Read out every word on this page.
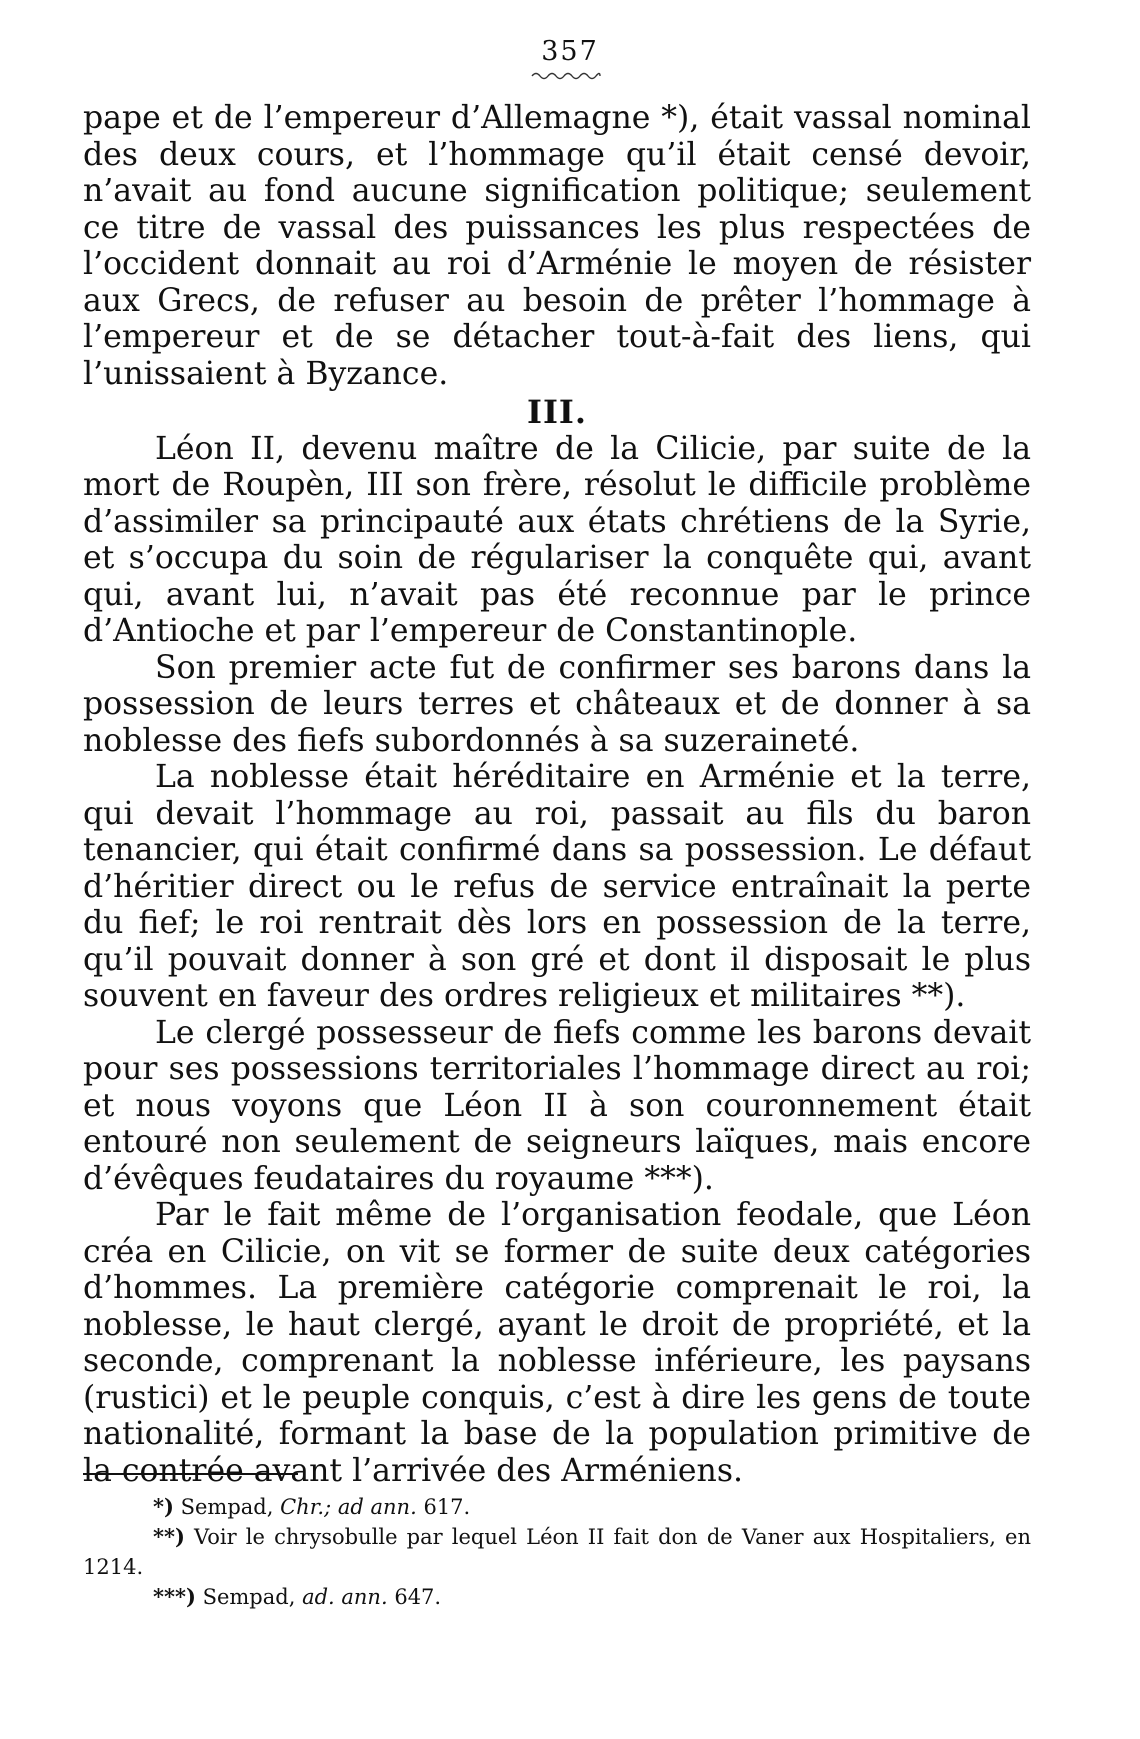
357

pape et de l’empereur d’Allemagne *), était vassal nominal des deux cours, et l’hommage qu’il était censé devoir, n’avait au fond aucune signification politique; seulement ce titre de vassal des puissances les plus respectées de l’occident donnait au roi d’Arménie le moyen de résister aux Grecs, de refuser au besoin de prêter l’hommage à l’empereur et de se détacher tout-à-fait des liens, qui l’unissaient à Byzance.

III.

Léon II, devenu maître de la Cilicie, par suite de la mort de Roupèn, III son frère, résolut le difficile problème d’assimiler sa principauté aux états chrétiens de la Syrie, et s’occupa du soin de régulariser la conquête qui, avant qui, avant lui, n’avait pas été reconnue par le prince d’Antioche et par l’empereur de Constantinople.

Son premier acte fut de confirmer ses barons dans la possession de leurs terres et châteaux et de donner à sa noblesse des fiefs subordonnés à sa suzeraineté.

La noblesse était héréditaire en Arménie et la terre, qui devait l’hommage au roi, passait au fils du baron tenancier, qui était confirmé dans sa possession. Le défaut d’héritier direct ou le refus de service entraînait la perte du fief; le roi rentrait dès lors en possession de la terre, qu’il pouvait donner à son gré et dont il disposait le plus souvent en faveur des ordres religieux et militaires **).

Le clergé possesseur de fiefs comme les barons devait pour ses possessions territoriales l’hommage direct au roi; et nous voyons que Léon II à son couronnement était entouré non seulement de seigneurs laïques, mais encore d’évêques feudataires du royaume ***).

Par le fait même de l’organisation feodale, que Léon créa en Cilicie, on vit se former de suite deux catégories d’hommes. La première catégorie comprenait le roi, la noblesse, le haut clergé, ayant le droit de propriété, et la seconde, comprenant la noblesse inférieure, les paysans (rustici) et le peuple conquis, c’est à dire les gens de toute nationalité, formant la base de la population primitive de la contrée avant l’arrivée des Arméniens.

*) Sempad, Chr.; ad ann. 617.

**) Voir le chrysobulle par lequel Léon II fait don de Vaner aux Hospitaliers, en 1214.

***) Sempad, ad. ann. 647.
